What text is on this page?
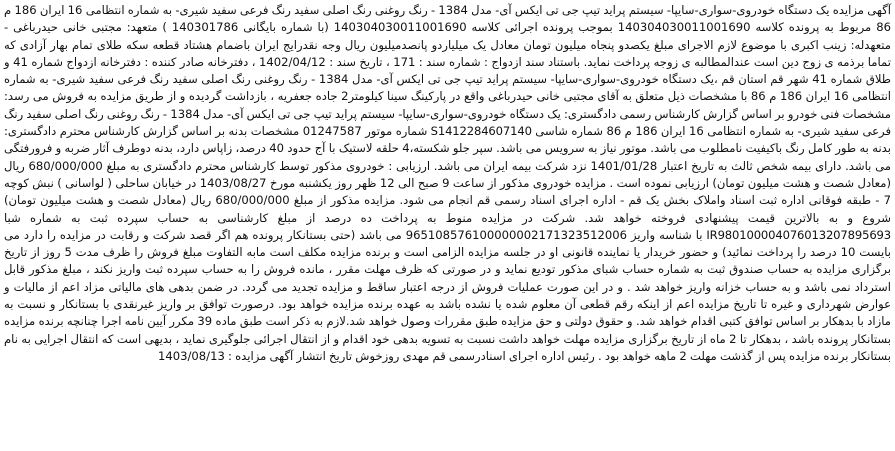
آگهی مزایده یک دستگاه خودروی-سواری-سایپا- سیستم پراید تیپ جی تی ایکس آی- مدل 1384 - رنگ روغنی رنگ اصلی سفید رنگ فرعی سفید شیری- به شماره انتظامی 16 ایران 186 م 86 مربوط به پرونده کلاسه 140304030011001690 بموجب پرونده اجرائی کلاسه 140304030011001690 (با شماره بایگانی 140301786 ) متعهد: مجتبی خانی حیدرباغی - متعهدله: زینب اکبری با موضوع لازم الاجرای مبلغ یکصدو پنجاه میلیون تومان معادل یک میلیاردو پانصدمیلیون ریال وجه نقدرایج ایران باضمام هشتاد قطعه سکه طلای تمام بهار آزادی که تماما برذمه ی زوج دین است عندالمطالبه ی زوجه پرداخت نماید. باستناد سند ازدواج : شماره سند : 171 ، تاریخ سند : 1402/04/12 ، دفترخانه صادر کننده : دفترخانه ازدواج شماره 41 و طلاق شماره 41 شهر قم استان قم ،یک دستگاه خودروی-سواری-سایپا- سیستم پراید تیپ جی تی ایکس آی- مدل 1384 - رنگ روغنی رنگ اصلی سفید رنگ فرعی سفید شیری- به شماره انتظامی 16 ایران 186 م 86 با مشخصات ذیل متعلق به آقای مجتبی خانی حیدرباغی واقع در پارکینگ سینا کیلومتر2 جاده جعفریه ، بازداشت گردیده و از طریق مزایده به فروش می رسد: مشخصات فنی خودرو بر اساس گزارش کارشناس رسمی دادگستری: یک دستگاه خودروی-سواری-سایپا- سیستم پراید تیپ جی تی ایکس آی- مدل 1384 - رنگ روغنی رنگ اصلی سفید رنگ فرعی سفید شیری- به شماره انتظامی 16 ایران 186 م 86 شماره شاسی S1412284607140 شماره موتور 01247587 مشخصات بدنه بر اساس گزارش کارشناس محترم دادگستری: بدنه به طور کامل رنگ باکیفیت نامطلوب می باشد. موتور نیاز به سرویس می باشد. سپر جلو شکسته،4 حلقه لاستیک با آج حدود 40 درصد، زاپاس دارد، بدنه دوطرف آثار ضربه و فرورفتگی می باشد. دارای بیمه شخص ثالث به تاریخ اعتبار 1401/01/28 نزد شرکت بیمه ایران می باشد. ارزیابی : خودروی مذکور توسط کارشناس محترم دادگستری به مبلغ 680/000/000 ریال (معادل شصت و هشت میلیون تومان) ارزیابی نموده است . مزایده خودروی مذکور از ساعت 9 صبح الی 12 ظهر روز یکشنبه مورخ 1403/08/27 در خیابان ساحلی ( لواسانی ) نبش کوچه 7 - طبقه فوقانی اداره ثبت اسناد واملاک بخش یک قم - اداره اجرای اسناد رسمی قم انجام می شود. مزایده مذکور از مبلغ 680/000/000 ریال (معادل شصت و هشت میلیون تومان) شروع و به بالاترین قیمت پیشنهادی فروخته خواهد شد. شرکت در مزایده منوط به پرداخت ده درصد از مبلغ کارشناسی به حساب سپرده ثبت به شماره شبا IR980100004076013207895693 با شناسه واریز 965108576100000002171323512006 می باشد (حتی بستانکار پرونده هم اگر قصد شرکت و رقابت در مزایده را دارد می بایست 10 درصد را پرداخت نمائید) و حضور خریدار یا نماینده قانونی او در جلسه مزایده الزامی است و برنده مزایده مکلف است مابه التفاوت مبلغ فروش را ظرف مدت 5 روز از تاریخ برگزاری مزایده به حساب صندوق ثبت به شماره حساب شبای مذکور تودیع نماید و در صورتی که ظرف مهلت مقرر ، مانده فروش را به حساب سپرده ثبت واریز نکند ، مبلغ مذکور قابل استرداد نمی باشد و به حساب خزانه واریز خواهد شد . و در این صورت عملیات فروش از درجه اعتبار ساقط و مزایده تجدید می گردد. در ضمن بدهی های مالیاتی مزاد اعم از مالیات و عوارض شهرداری و غیره تا تاریخ مزایده اعم از اینکه رقم قطعی آن معلوم شده یا نشده باشد به عهده برنده مزایده خواهد بود. درصورت توافق بر واریز غیرنقدی با بستانکار و نسبت به مازاد با بدهکار بر اساس توافق کتبی اقدام خواهد شد. و حقوق دولتی و حق مزایده طبق مقررات وصول خواهد شد.لازم به ذکر است طبق ماده 39 مکرر آیین نامه اجرا چنانچه برنده مزایده بستانکار پرونده باشد ، بدهکار تا 2 ماه از تاریخ برگزاری مزایده مهلت خواهد داشت نسبت به تسویه بدهی خود اقدام و از انتقال اجرائی جلوگیری نماید ، بدیهی است که انتقال اجرایی به نام بستانکار برنده مزایده پس از گذشت مهلت 2 ماهه خواهد بود . رئیس اداره اجرای اسنادرسمی قم مهدی روزخوش تاریخ انتشار آگهی مزایده : 1403/08/13
